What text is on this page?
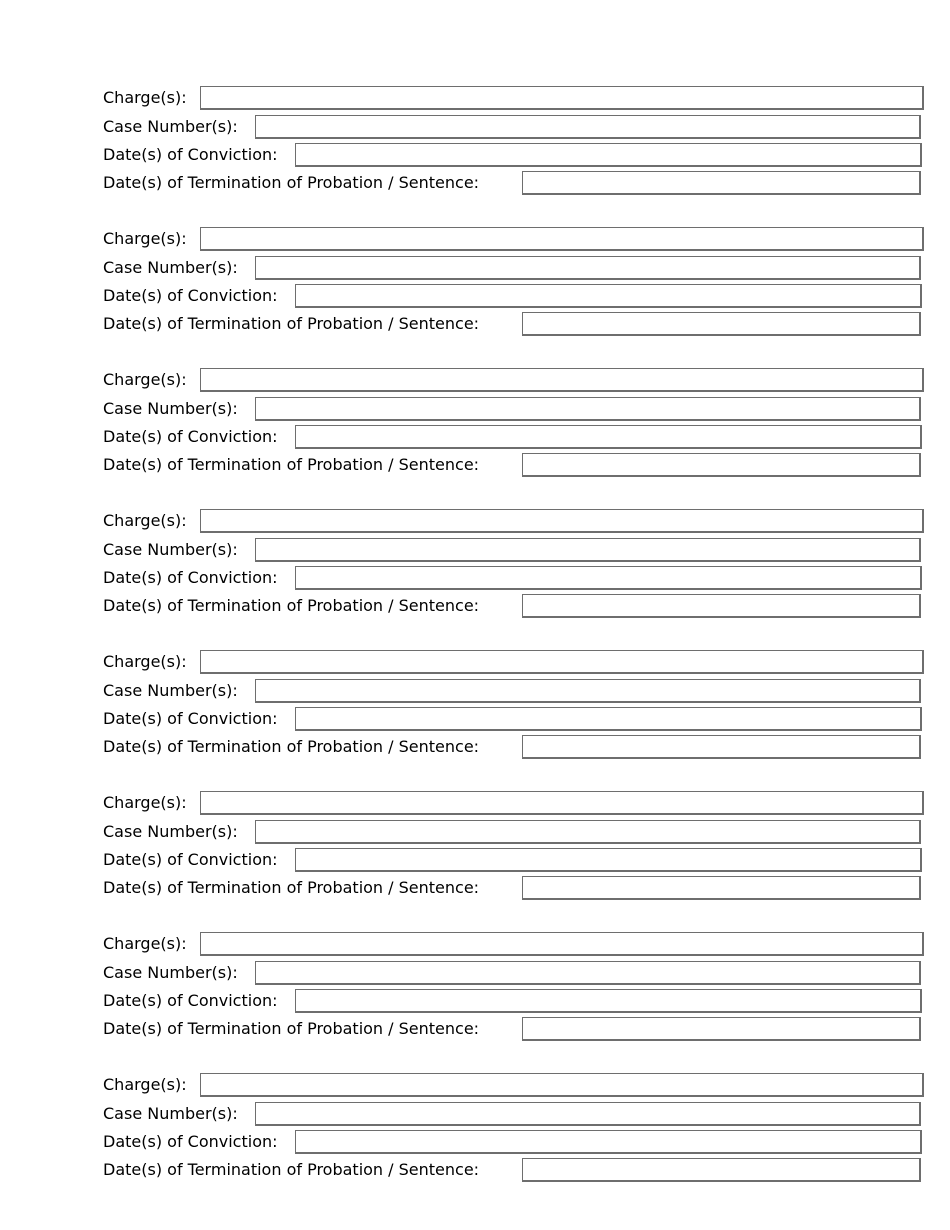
Charge(s):
Case Number(s):
Date(s) of Conviction:
Date(s) of Termination of Probation / Sentence:
Charge(s):
Case Number(s):
Date(s) of Conviction:
Date(s) of Termination of Probation / Sentence:
Charge(s):
Case Number(s):
Date(s) of Conviction:
Date(s) of Termination of Probation / Sentence:
Charge(s):
Case Number(s):
Date(s) of Conviction:
Date(s) of Termination of Probation / Sentence:
Charge(s):
Case Number(s):
Date(s) of Conviction:
Date(s) of Termination of Probation / Sentence:
Charge(s):
Case Number(s):
Date(s) of Conviction:
Date(s) of Termination of Probation / Sentence:
Charge(s):
Case Number(s):
Date(s) of Conviction:
Date(s) of Termination of Probation / Sentence:
Charge(s):
Case Number(s):
Date(s) of Conviction:
Date(s) of Termination of Probation / Sentence:
